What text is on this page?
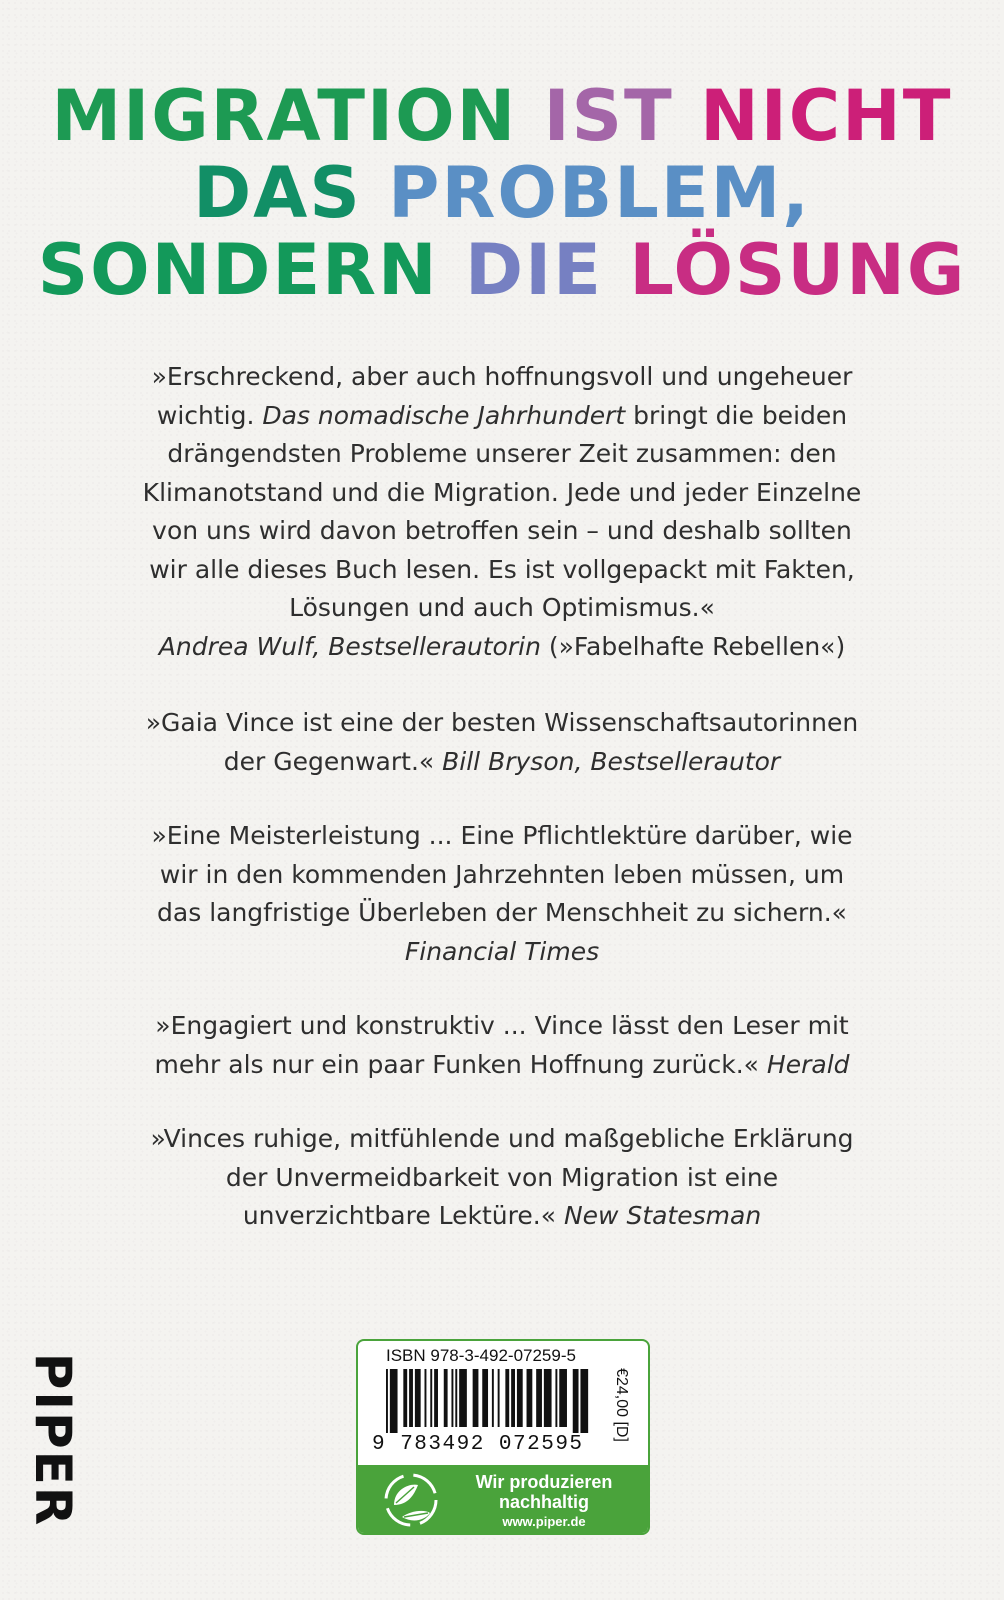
MIGRATION IST NICHT
DAS PROBLEM,
SONDERN DIE LÖSUNG

»Erschreckend, aber auch hoffnungsvoll und ungeheuer

wichtig. Das nomadische Jahrhundert bringt die beiden

drängendsten Probleme unserer Zeit zusammen: den

Klimanotstand und die Migration. Jede und jeder Einzelne

von uns wird davon betroffen sein – und deshalb sollten

wir alle dieses Buch lesen. Es ist vollgepackt mit Fakten,

Lösungen und auch Optimismus.«

Andrea Wulf, Bestsellerautorin (»Fabelhafte Rebellen«)

»Gaia Vince ist eine der besten Wissenschaftsautorinnen

der Gegenwart.« Bill Bryson, Bestsellerautor

»Eine Meisterleistung ... Eine Pflichtlektüre darüber, wie

wir in den kommenden Jahrzehnten leben müssen, um

das langfristige Überleben der Menschheit zu sichern.«

Financial Times

»Engagiert und konstruktiv ... Vince lässt den Leser mit

mehr als nur ein paar Funken Hoffnung zurück.« Herald

»Vinces ruhige, mitfühlende und maßgebliche Erklärung

der Unvermeidbarkeit von Migration ist eine

unverzichtbare Lektüre.« New Statesman

PIPER	ISBN 978-3-492-07259-5
9 783492 072595
€24,00 [D]
Wir produzieren
nachhaltig
www.piper.de
